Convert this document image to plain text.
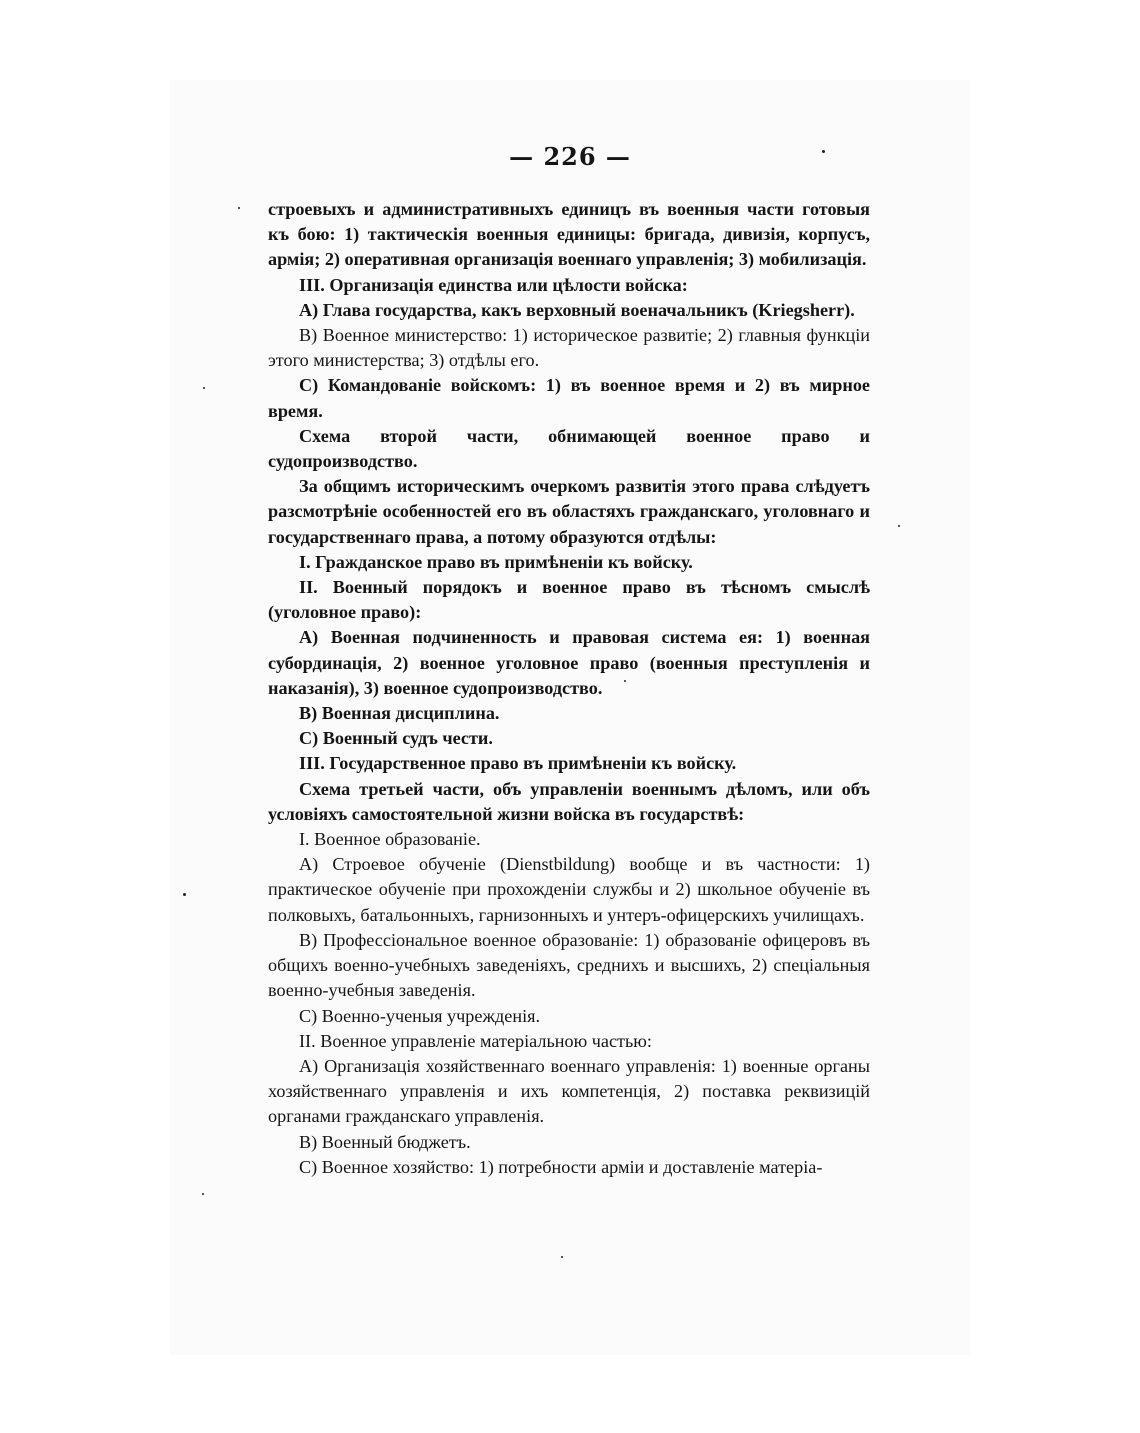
— 226 —

строевыхъ и административныхъ единицъ въ военныя части готовыя къ бою: 1) тактическія военныя единицы: бригада, дивизія, корпусъ, армія; 2) оперативная организація военнаго управленія; 3) мобилизація.

III. Организація единства или цѣлости войска:

А) Глава государства, какъ верховный военачальникъ (Kriegsherr).

В) Военное министерство: 1) историческое развитіе; 2) главныя функціи этого министерства; 3) отдѣлы его.

С) Командованіе войскомъ: 1) въ военное время и 2) въ мирное время.

Схема второй части, обнимающей военное право и судопроизводство.

За общимъ историческимъ очеркомъ развитія этого права слѣдуетъ разсмотрѣніе особенностей его въ областяхъ гражданскаго, уголовнаго и государственнаго права, а потому образуются отдѣлы:

I. Гражданское право въ примѣненіи къ войску.

II. Военный порядокъ и военное право въ тѣсномъ смыслѣ (уголовное право):

А) Военная подчиненность и правовая система ея: 1) военная субординація, 2) военное уголовное право (военныя преступленія и наказанія), 3) военное судопроизводство.

В) Военная дисциплина.

С) Военный судъ чести.

III. Государственное право въ примѣненіи къ войску.

Схема третьей части, объ управленіи военнымъ дѣломъ, или объ условіяхъ самостоятельной жизни войска въ государствѣ:

I. Военное образованіе.

А) Строевое обученіе (Dienstbildung) вообще и въ частности: 1) практическое обученіе при прохожденіи службы и 2) школьное обученіе въ полковыхъ, батальонныхъ, гарнизонныхъ и унтеръ-офицерскихъ училищахъ.

В) Профессіональное военное образованіе: 1) образованіе офицеровъ въ общихъ военно-учебныхъ заведеніяхъ, среднихъ и высшихъ, 2) спеціальныя военно-учебныя заведенія.

С) Военно-ученыя учрежденія.

II. Военное управленіе матеріальною частью:

А) Организація хозяйственнаго военнаго управленія: 1) военные органы хозяйственнаго управленія и ихъ компетенція, 2) поставка реквизицій органами гражданскаго управленія.

В) Военный бюджетъ.

С) Военное хозяйство: 1) потребности арміи и доставленіе матеріа-
